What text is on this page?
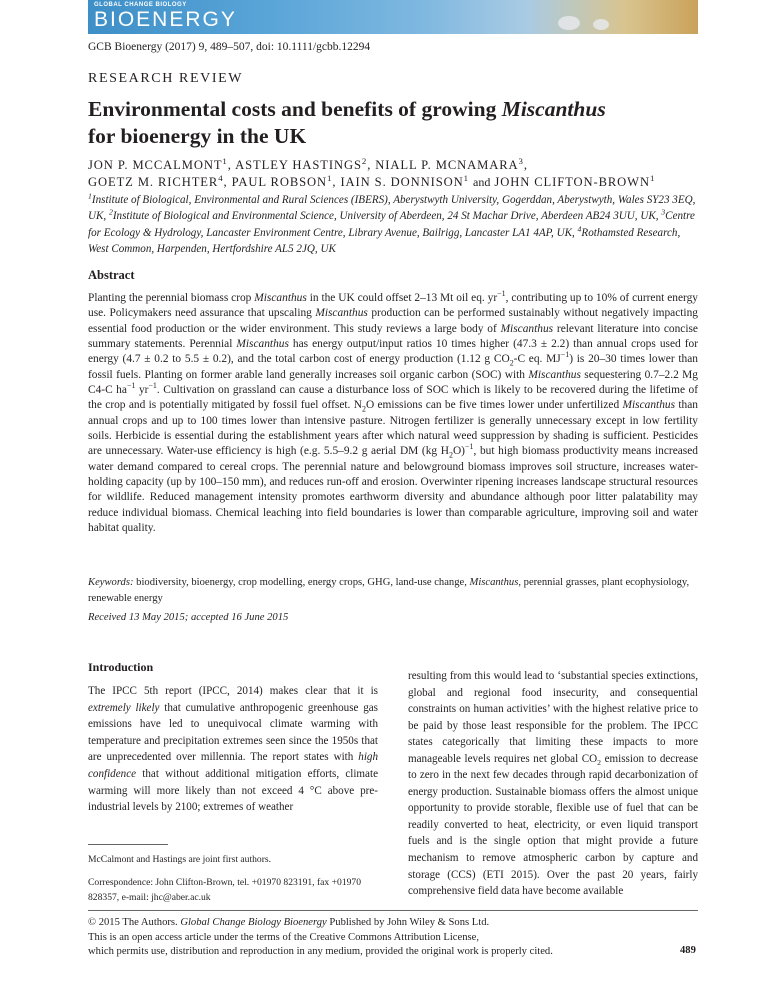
GLOBAL CHANGE BIOLOGY
BIOENERGY
GCB Bioenergy (2017) 9, 489–507, doi: 10.1111/gcbb.12294
RESEARCH REVIEW
Environmental costs and benefits of growing Miscanthus
for bioenergy in the UK
JON P. MCCALMONT$^1$, ASTLEY HASTINGS$^2$, NIALL P. MCNAMARA$^3$,
GOETZ M. RICHTER$^4$, PAUL ROBSON$^1$, IAIN S. DONNISON$^1$ and JOHN CLIFTON-BROWN$^1$
$^1$Institute of Biological, Environmental and Rural Sciences (IBERS), Aberystwyth University, Gogerddan, Aberystwyth, Wales SY23 3EQ, UK, $^2$Institute of Biological and Environmental Science, University of Aberdeen, 24 St Machar Drive, Aberdeen AB24 3UU, UK, $^3$Centre for Ecology & Hydrology, Lancaster Environment Centre, Library Avenue, Bailrigg, Lancaster LA1 4AP, UK, $^4$Rothamsted Research, West Common, Harpenden, Hertfordshire AL5 2JQ, UK
Abstract
Planting the perennial biomass crop Miscanthus in the UK could offset 2–13 Mt oil eq. $yr^{-1}$, contributing up to 10% of current energy use. Policymakers need assurance that upscaling Miscanthus production can be performed sustainably without negatively impacting essential food production or the wider environment. This study reviews a large body of Miscanthus relevant literature into concise summary statements. Perennial Miscanthus has energy output/input ratios 10 times higher (47.3 ± 2.2) than annual crops used for energy (4.7 ± 0.2 to 5.5 ± 0.2), and the total carbon cost of energy production (1.12 g $CO_2-C$ eq. $MJ^{-1}$) is 20–30 times lower than fossil fuels. Planting on former arable land generally increases soil organic carbon (SOC) with Miscanthus sequestering 0.7–2.2 Mg C4-C $ha^{-1}$ $yr^{-1}$. Cultivation on grassland can cause a disturbance loss of SOC which is likely to be recovered during the lifetime of the crop and is potentially mitigated by fossil fuel offset. $N_2O$ emissions can be five times lower under unfertilized Miscanthus than annual crops and up to 100 times lower than intensive pasture. Nitrogen fertilizer is generally unnecessary except in low fertility soils. Herbicide is essential during the establishment years after which natural weed suppression by shading is sufficient. Pesticides are unnecessary. Water-use efficiency is high (e.g. 5.5–9.2 g aerial DM (kg $H_2O)^{-1}$, but high biomass productivity means increased water demand compared to cereal crops. The perennial nature and belowground biomass improves soil structure, increases water-holding capacity (up by 100–150 mm), and reduces run-off and erosion. Overwinter ripening increases landscape structural resources for wildlife. Reduced management intensity promotes earthworm diversity and abundance although poor litter palatability may reduce individual biomass. Chemical leaching into field boundaries is lower than comparable agriculture, improving soil and water habitat quality.
Keywords: biodiversity, bioenergy, crop modelling, energy crops, GHG, land-use change, Miscanthus, perennial grasses, plant ecophysiology, renewable energy
Received 13 May 2015; accepted 16 June 2015
Introduction
The IPCC 5th report (IPCC, 2014) makes clear that it is extremely likely that cumulative anthropogenic greenhouse gas emissions have led to unequivocal climate warming with temperature and precipitation extremes seen since the 1950s that are unprecedented over millennia. The report states with high confidence that without additional mitigation efforts, climate warming will more likely than not exceed 4 °C above pre-industrial levels by 2100; extremes of weather
resulting from this would lead to ‘substantial species extinctions, global and regional food insecurity, and consequential constraints on human activities’ with the highest relative price to be paid by those least responsible for the problem. The IPCC states categorically that limiting these impacts to more manageable levels requires net global $CO_2$ emission to decrease to zero in the next few decades through rapid decarbonization of energy production. Sustainable biomass offers the almost unique opportunity to provide storable, flexible use of fuel that can be readily converted to heat, electricity, or even liquid transport fuels and is the single option that might provide a future mechanism to remove atmospheric carbon by capture and storage (CCS) (ETI 2015). Over the past 20 years, fairly comprehensive field data have become available

McCalmont and Hastings are joint first authors.

Correspondence: John Clifton-Brown, tel. +01970 823191, fax +01970 828357, e-mail: jhc@aber.ac.uk

© 2015 The Authors. Global Change Biology Bioenergy Published by John Wiley & Sons Ltd.
This is an open access article under the terms of the Creative Commons Attribution License,
which permits use, distribution and reproduction in any medium, provided the original work is properly cited.	489
